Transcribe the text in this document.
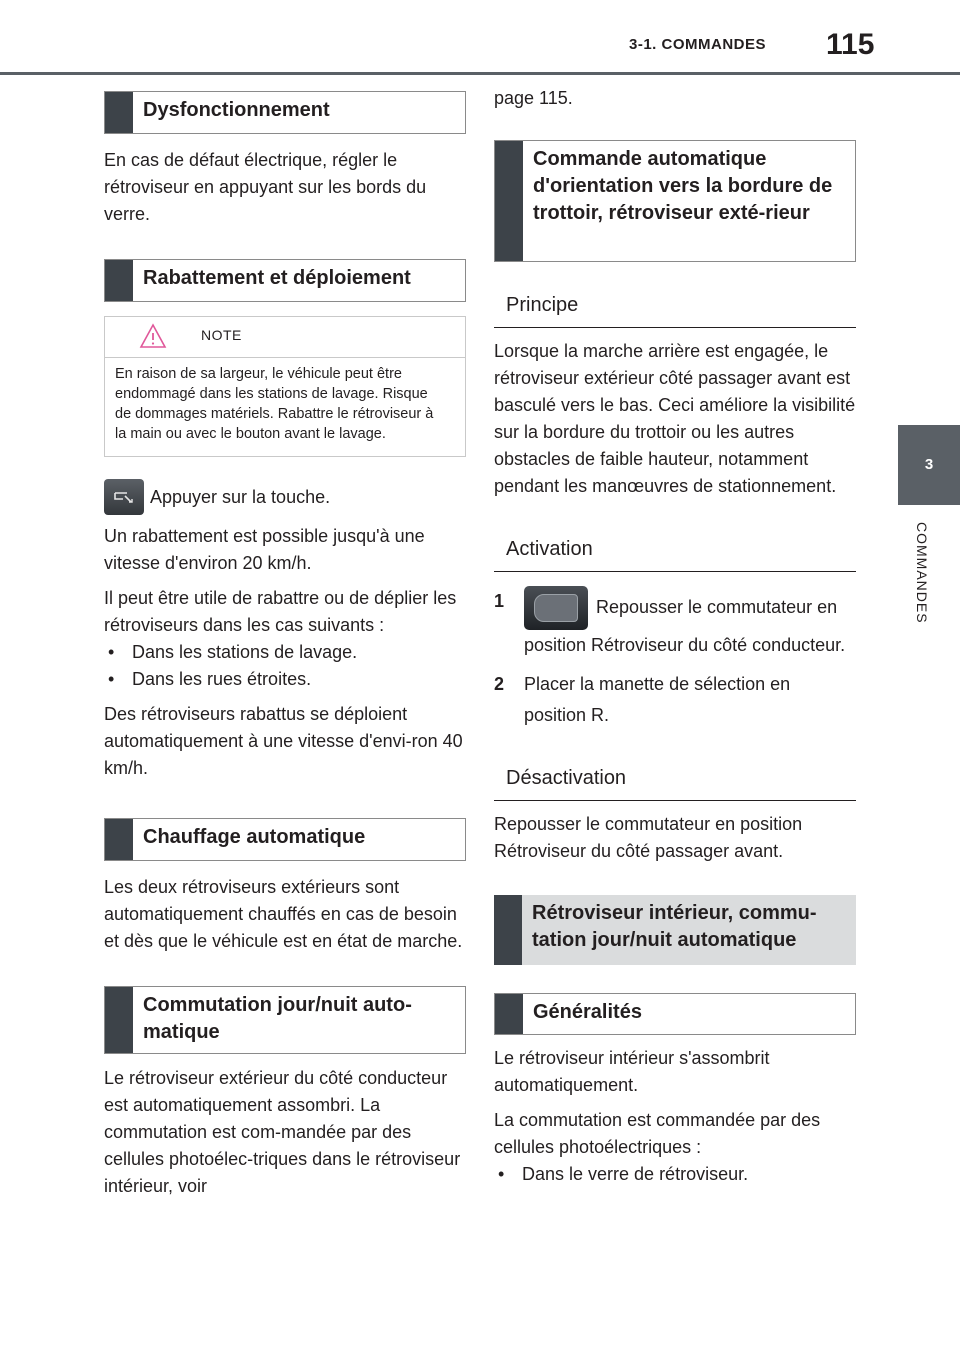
3-1. COMMANDES 115
3
COMMANDES
Dysfonctionnement

En cas de défaut électrique, régler le rétroviseur en appuyant sur les bords du verre.

Rabattement et déploiement
NOTE
En raison de sa largeur, le véhicule peut être endommagé dans les stations de lavage. Risque de dommages matériels. Rabattre le rétroviseur à la main ou avec le bouton avant le lavage.

Appuyer sur la touche.

Un rabattement est possible jusqu'à une vitesse d'environ 20 km/h.

Il peut être utile de rabattre ou de déplier les rétroviseurs dans les cas suivants :

• Dans les stations de lavage.
• Dans les rues étroites.

Des rétroviseurs rabattus se déploient automatiquement à une vitesse d'envi-ron 40 km/h.

Chauffage automatique

Les deux rétroviseurs extérieurs sont automatiquement chauffés en cas de besoin et dès que le véhicule est en état de marche.

Commutation jour/nuit auto-matique

Le rétroviseur extérieur du côté conducteur est automatiquement assombri. La commutation est com-mandée par des cellules photoélec-triques dans le rétroviseur intérieur, voir

page 115.

Commande automatique d'orientation vers la bordure de trottoir, rétroviseur exté-rieur
Principe

Lorsque la marche arrière est engagée, le rétroviseur extérieur côté passager avant est basculé vers le bas. Ceci améliore la visibilité sur la bordure du trottoir ou les autres obstacles de faible hauteur, notamment pendant les manœuvres de stationnement.

Activation
1	Repousser le commutateur en position Rétroviseur du côté conducteur.
2	Placer la manette de sélection en position R.
Désactivation

Repousser le commutateur en position Rétroviseur du côté passager avant.

Rétroviseur intérieur, commu-tation jour/nuit automatique
Généralités

Le rétroviseur intérieur s'assombrit automatiquement.

La commutation est commandée par des cellules photoélectriques :

• Dans le verre de rétroviseur.
